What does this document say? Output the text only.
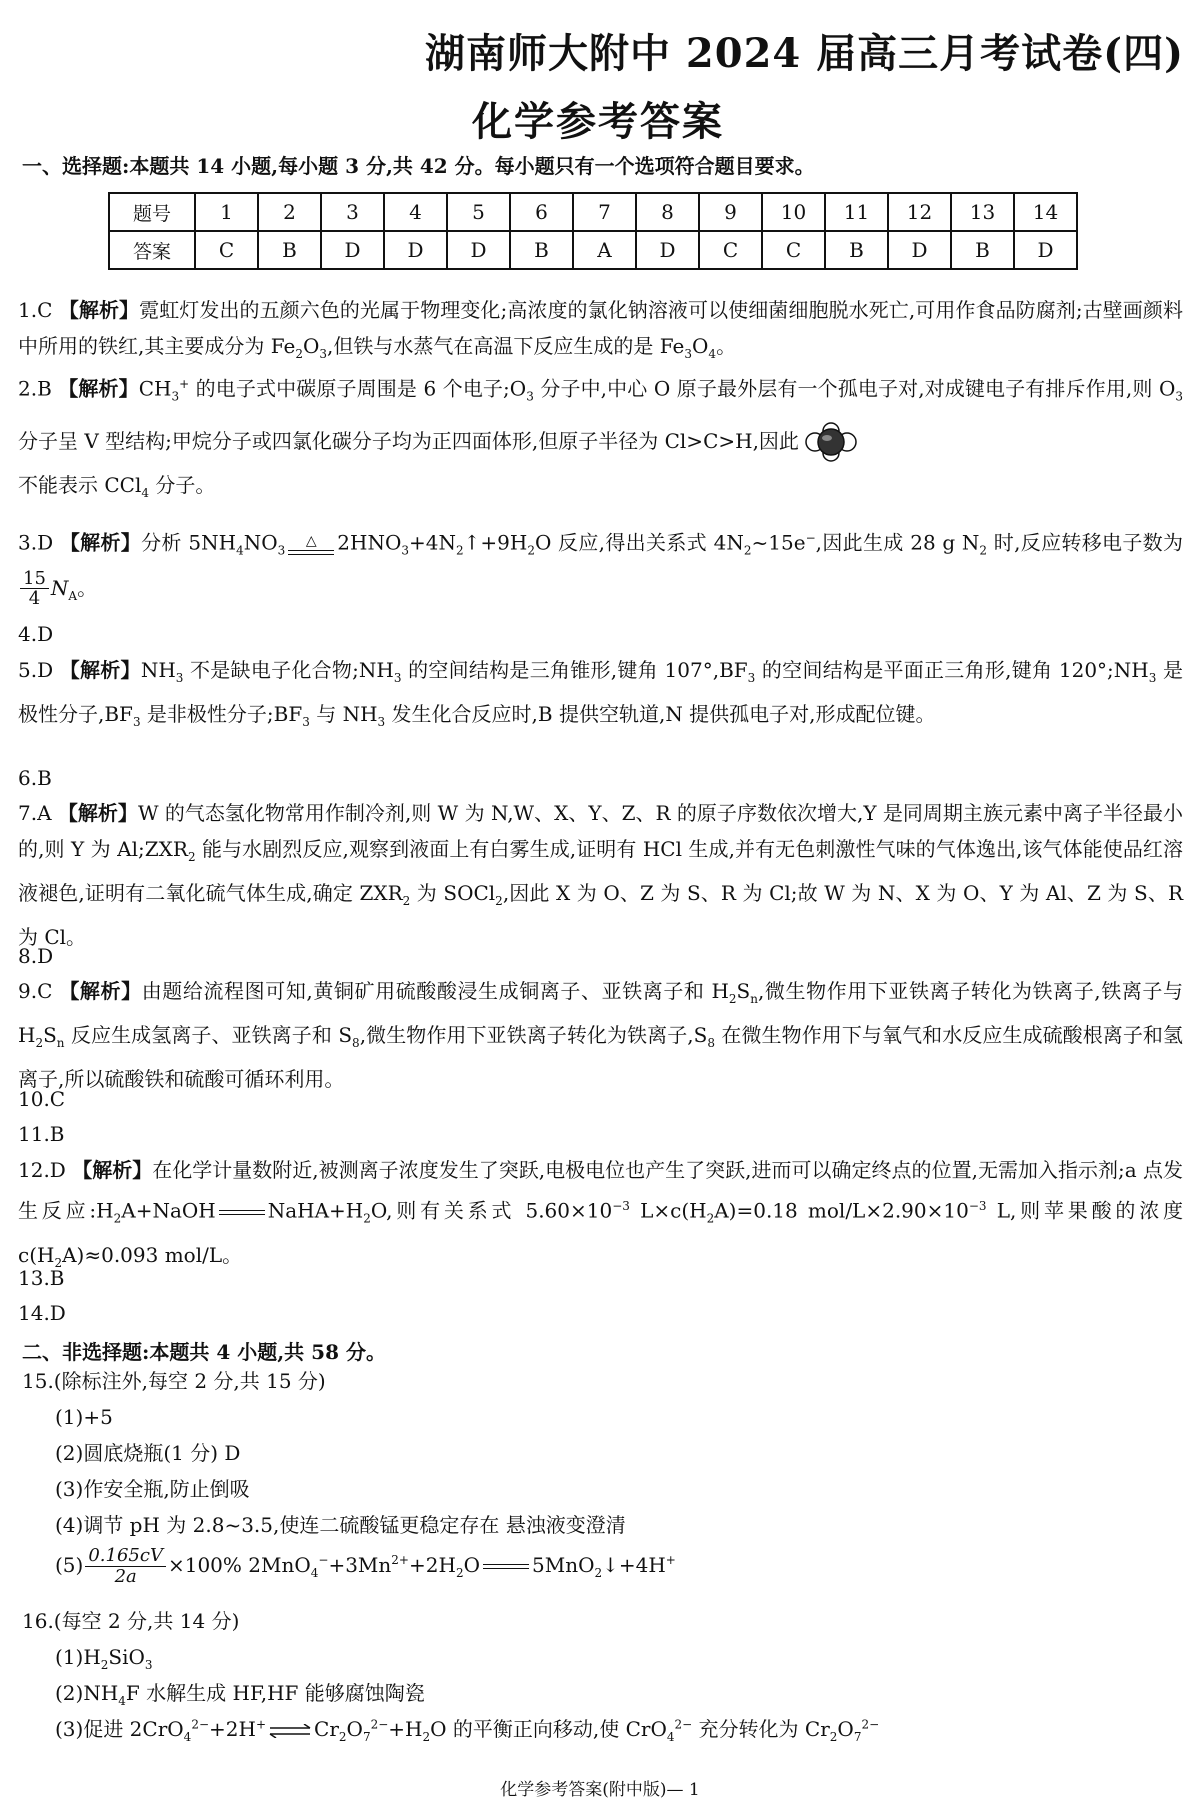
湖南师大附中 2024 届高三月考试卷(四)
化学参考答案
一、选择题:本题共 14 小题,每小题 3 分,共 42 分。每小题只有一个选项符合题目要求。
题号	1	2	3	4	5	6	7	8	9	10	11	12	13	14
答案	C	B	D	D	D	B	A	D	C	C	B	D	B	D
1.C 【解析】霓虹灯发出的五颜六色的光属于物理变化;高浓度的氯化钠溶液可以使细菌细胞脱水死亡,可用作食品防腐剂;古壁画颜料中所用的铁红,其主要成分为 $Fe_2O_3$,但铁与水蒸气在高温下反应生成的是 $Fe_3O_4$。
2.B 【解析】$CH_3^+$ 的电子式中碳原子周围是 6 个电子$;O_3$ 分子中,中心 O 原子最外层有一个孤电子对,对成键电子有排斥作用,则 $O_3$ 分子呈 V 型结构;甲烷分子或四氯化碳分子均为正四面体形,但原子半径为 Cl>C>H,因此
不能表示 CCl$_4$ 分子。
3.D 【解析】分析 $5NH_4NO_3$
△	$2HNO_3+4N_2↑+9H_2O$ 反应,得出关系式 $4N_2\sim 15e^-$,因此生成 28 g $N_2$ 时,反应转移电子数为
$\frac{15}{4} N_A$。
4.D
5.D 【解析】$NH_3$ 不是缺电子化合物$;NH_3$ 的空间结构是三角锥形,键角 $107^\circ,BF_3$ 的空间结构是平面正三角形,键角 $120^\circ;NH_3$ 是极性分子$,BF_3$ 是非极性分子$;BF_3$ 与 $NH_3$ 发生化合反应时,B 提供空轨道,N 提供孤电子对,形成配位键。
6.B
7.A 【解析】W 的气态氢化物常用作制冷剂,则 W 为 N,W、X、Y、Z、R 的原子序数依次增大,Y 是同周期主族元素中离子半径最小的,则 Y 为 $Al;ZXR_2$ 能与水剧烈反应,观察到液面上有白雾生成,证明有 HCl 生成,并有无色刺激性气味的气体逸出,该气体能使品红溶液褪色,证明有二氧化硫气体生成,确定 $ZXR_2$ 为 SOCl$_2$,因此 X 为 O、Z 为 S、R 为 Cl;故 W 为 N、X 为 O、Y 为 Al、Z 为 S、R 为 Cl。
8.D
9.C 【解析】由题给流程图可知,黄铜矿用硫酸酸浸生成铜离子、亚铁离子和 $H_2S_n$,微生物作用下亚铁离子转化为铁离子,铁离子与 $H_2S_n$ 反应生成氢离子、亚铁离子和 $S_8$,微生物作用下亚铁离子转化为铁离子$,S_8$ 在微生物作用下与氧气和水反应生成硫酸根离子和氢离子,所以硫酸铁和硫酸可循环利用。
10.C
11.B
12.D 【解析】在化学计量数附近,被测离子浓度发生了突跃,电极电位也产生了突跃,进而可以确定终点的位置,无需加入指示剂;a 点发生反应$:H_2A+NaOH$	$NaHA+H_2O$,则有关系式 $5.60\times 10^{-3}$ $L\times c(H_2A)=0.18$ mol/$L\times 2.90\times 10^{-3}$ L,则苹果酸的浓度 $c(H_2A)\approx 0.093$ mol/L。
13.B
14.D
二、非选择题:本题共 4 小题,共 58 分。
15.(除标注外,每空 2 分,共 15 分)
(1)+5
(2)圆底烧瓶(1 分) D
(3)作安全瓶,防止倒吸
(4)调节 pH 为 2.8~3.5,使连二硫酸锰更稳定存在 悬浊液变澄清
$(5) \frac{0.165cV}{2a} \times 100\%$ $2MnO_4^-+3Mn^{2+}+2H_2O$	5MnO$_2$↓+4H+
16.(每空 2 分,共 14 分)
$(1)H_2SiO_3$
$(2)NH_4F$ 水解生成 HF,HF 能够腐蚀陶瓷
(3)促进 2CrO$_4^{2-}$+2H+ ⇌ $Cr_2O_7^{2-}+H_2O$ 的平衡正向移动,使 CrO$_4^{2-}$ 充分转化为 $Cr_2O_7^{2-}$
化学参考答案(附中版)— 1
